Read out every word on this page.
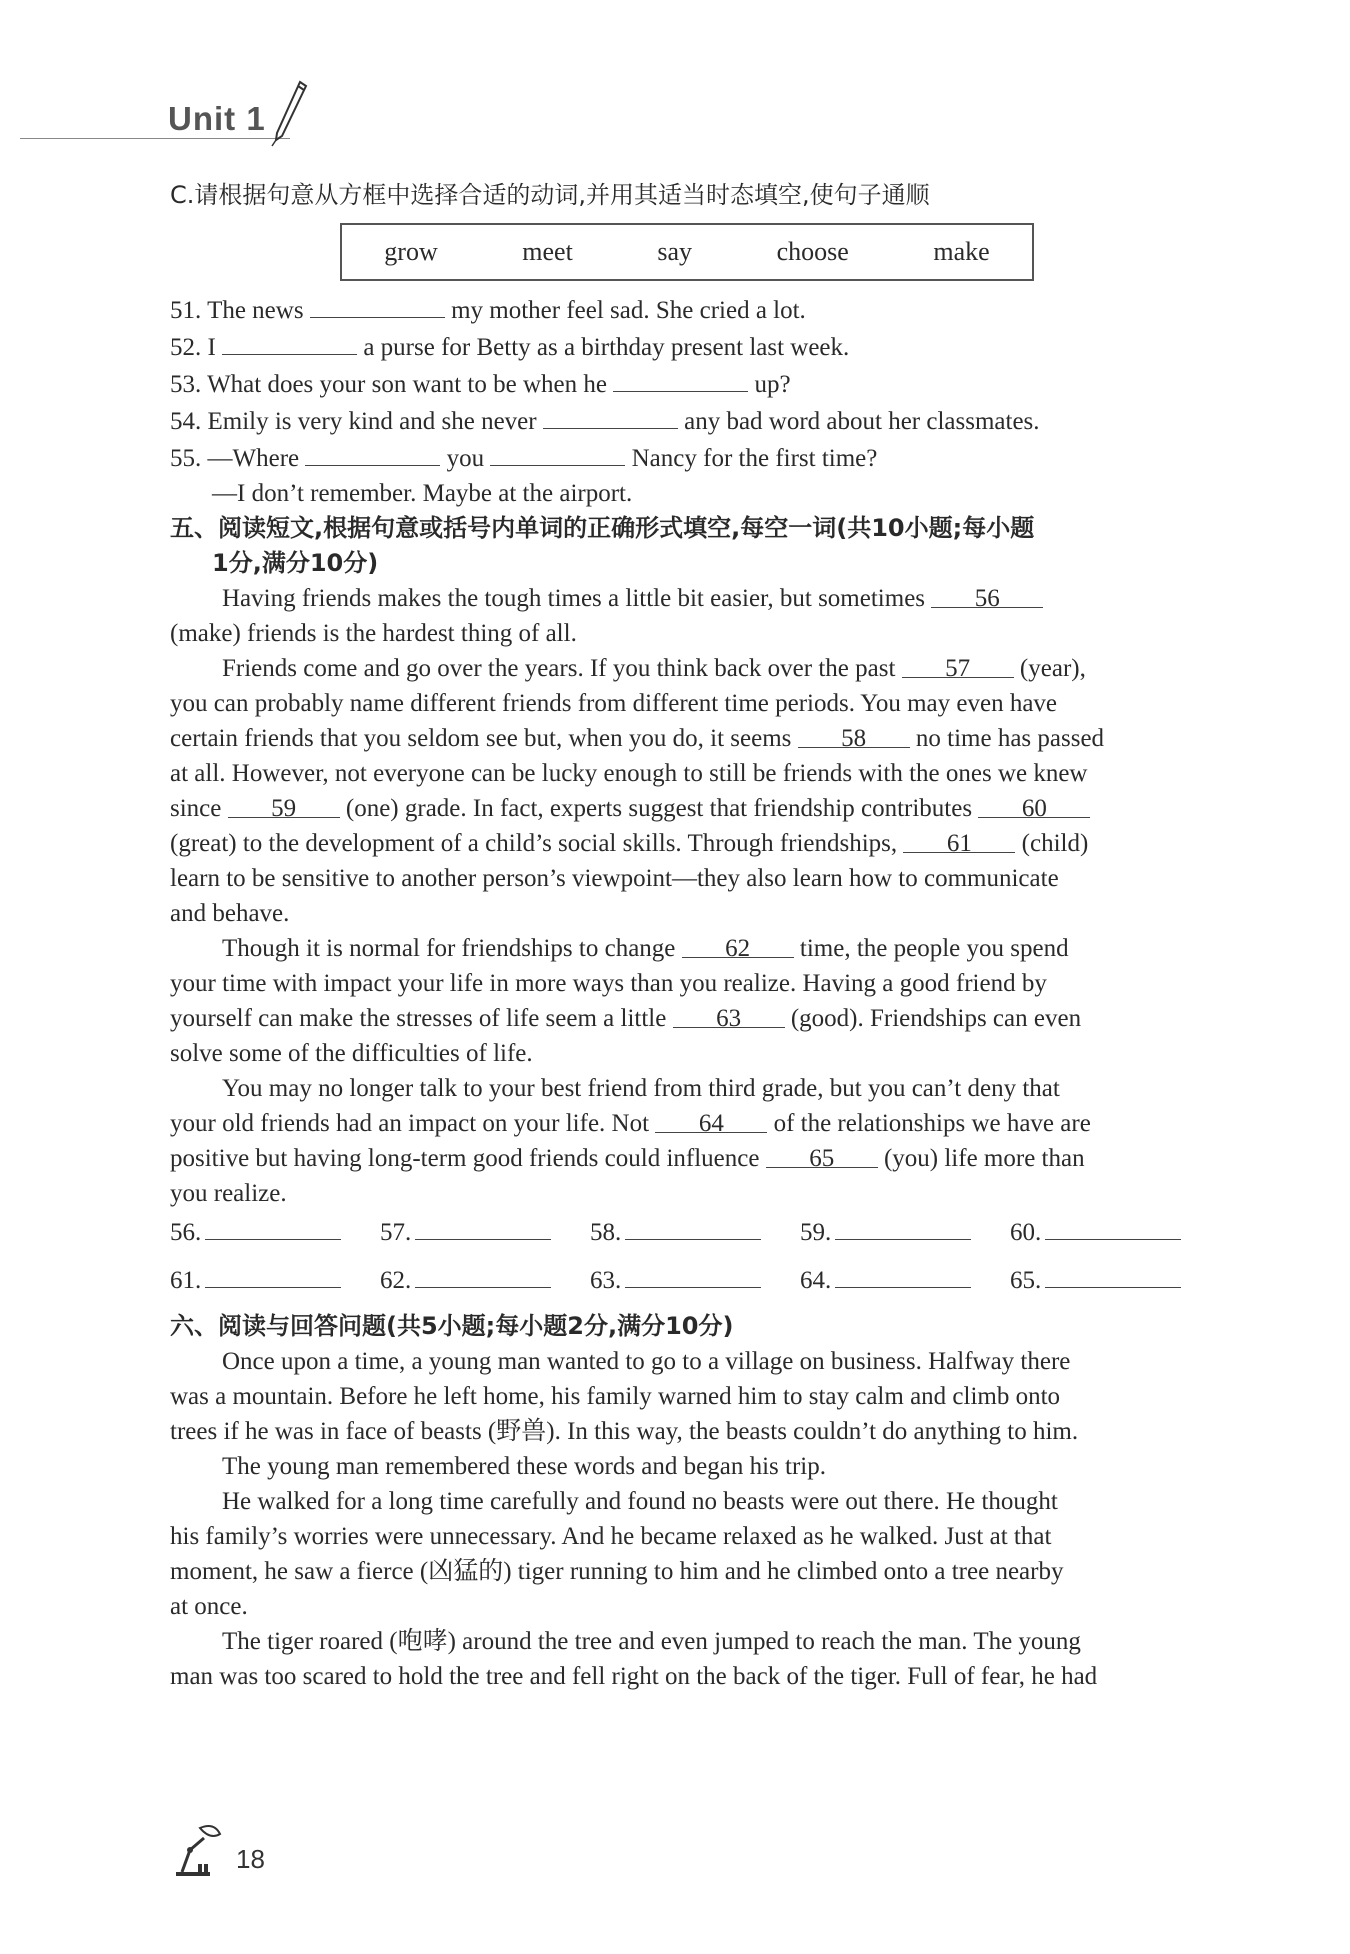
Unit 1
C.请根据句意从方框中选择合适的动词,并用其适当时态填空,使句子通顺
grow	meet	say	choose	make
51. The news	my mother feel sad. She cried a lot.
52. I	a purse for Betty as a birthday present last week.
53. What does your son want to be when he	up?
54. Emily is very kind and she never	any bad word about her classmates.
55. —Where	you	Nancy for the first time?
—I don’t remember. Maybe at the airport.
五、阅读短文,根据句意或括号内单词的正确形式填空,每空一词(共10小题;每小题
1分,满分10分)
Having friends makes the tough times a little bit easier, but sometimes 56
(make) friends is the hardest thing of all.
Friends come and go over the years. If you think back over the past 57 (year),
you can probably name different friends from different time periods. You may even have
certain friends that you seldom see but, when you do, it seems 58 no time has passed
at all. However, not everyone can be lucky enough to still be friends with the ones we knew
since 59 (one) grade. In fact, experts suggest that friendship contributes 60
(great) to the development of a child’s social skills. Through friendships, 61 (child)
learn to be sensitive to another person’s viewpoint—they also learn how to communicate
and behave.
Though it is normal for friendships to change 62 time, the people you spend
your time with impact your life in more ways than you realize. Having a good friend by
yourself can make the stresses of life seem a little 63 (good). Friendships can even
solve some of the difficulties of life.
You may no longer talk to your best friend from third grade, but you can’t deny that
your old friends had an impact on your life. Not 64 of the relationships we have are
positive but having long-term good friends could influence 65 (you) life more than
you realize.
56.	57.	58.	59.	60.
61.	62.	63.	64.	65.
六、阅读与回答问题(共5小题;每小题2分,满分10分)
Once upon a time, a young man wanted to go to a village on business. Halfway there
was a mountain. Before he left home, his family warned him to stay calm and climb onto
trees if he was in face of beasts (野兽). In this way, the beasts couldn’t do anything to him.
The young man remembered these words and began his trip.
He walked for a long time carefully and found no beasts were out there. He thought
his family’s worries were unnecessary. And he became relaxed as he walked. Just at that
moment, he saw a fierce (凶猛的) tiger running to him and he climbed onto a tree nearby
at once.
The tiger roared (咆哮) around the tree and even jumped to reach the man. The young
man was too scared to hold the tree and fell right on the back of the tiger. Full of fear, he had
18
